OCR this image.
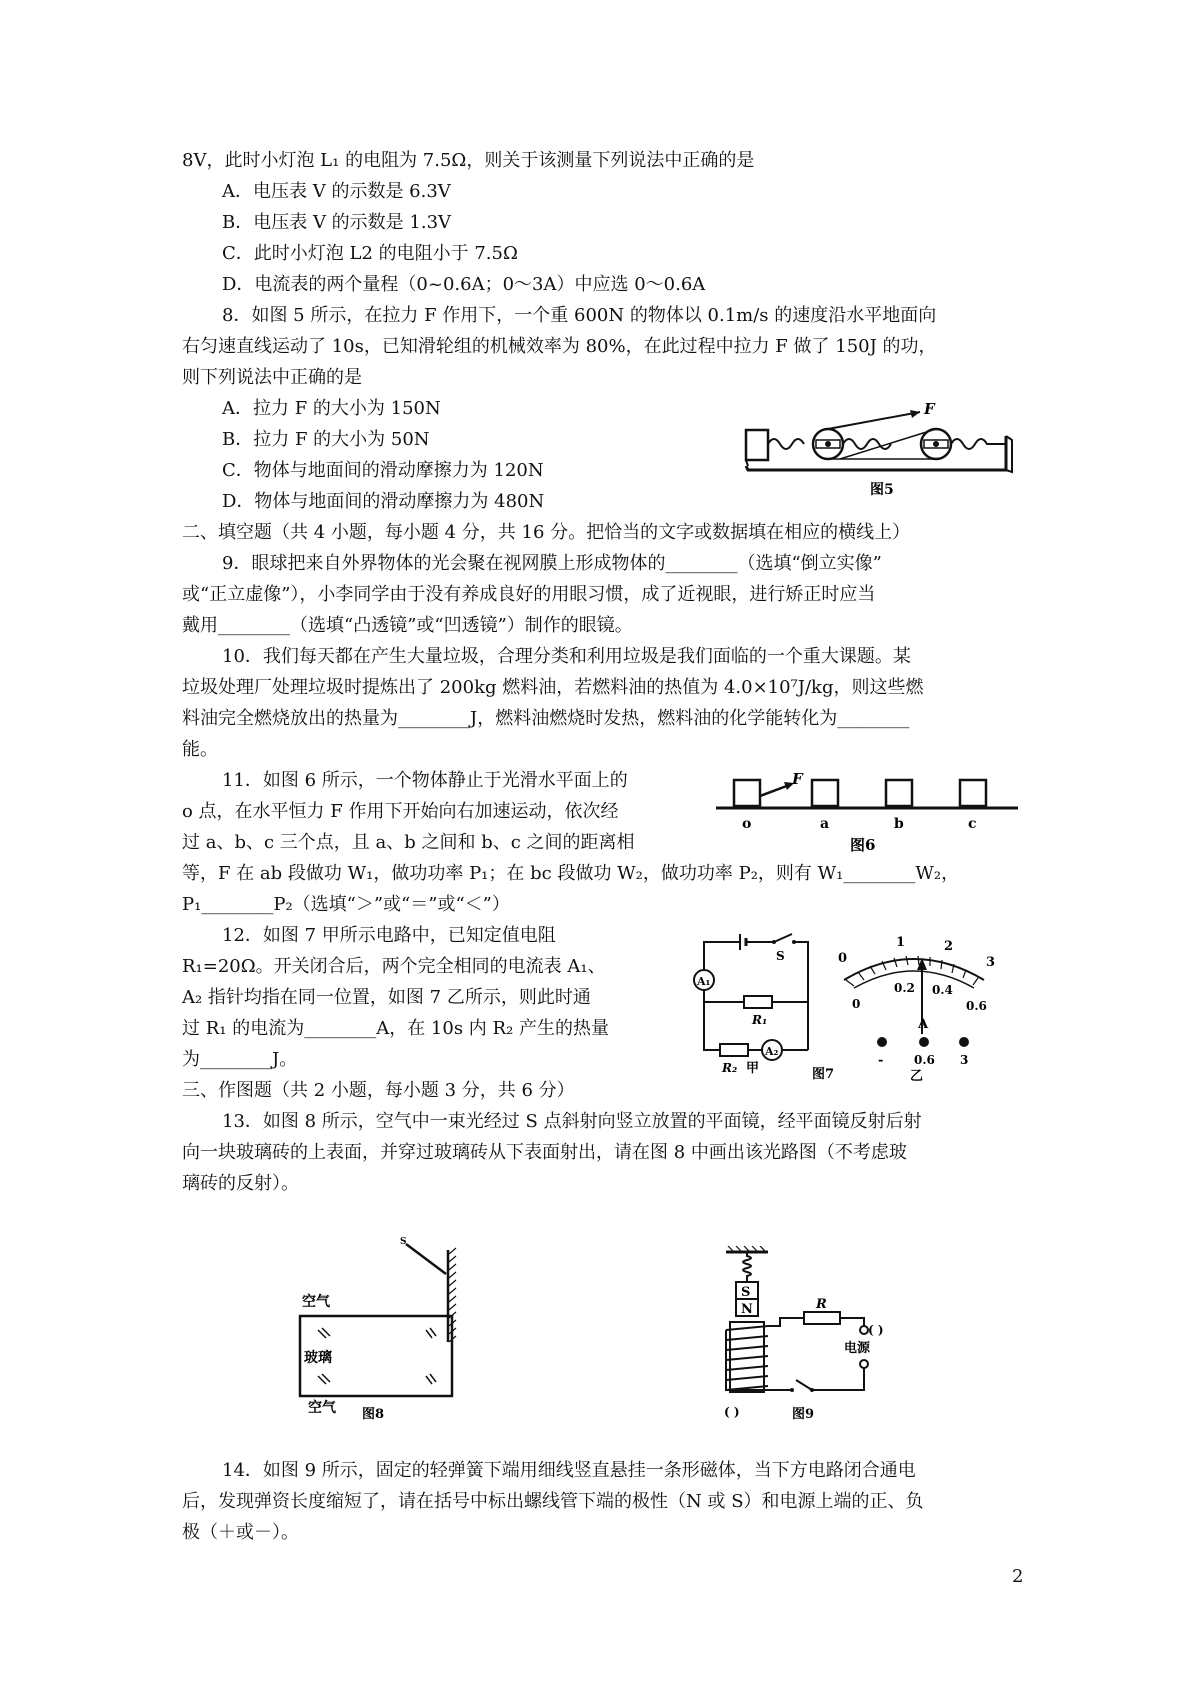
8V，此时小灯泡 L₁ 的电阻为 7.5Ω，则关于该测量下列说法中正确的是
A．电压表 V 的示数是 6.3V
B．电压表 V 的示数是 1.3V
C．此时小灯泡 L2 的电阻小于 7.5Ω
D．电流表的两个量程（0~0.6A；0～3A）中应选 0～0.6A
8．如图 5 所示，在拉力 F 作用下，一个重 600N 的物体以 0.1m/s 的速度沿水平地面向
右匀速直线运动了 10s，已知滑轮组的机械效率为 80%，在此过程中拉力 F 做了 150J 的功，
则下列说法中正确的是
A．拉力 F 的大小为 150N
B．拉力 F 的大小为 50N
C．物体与地面间的滑动摩擦力为 120N
D．物体与地面间的滑动摩擦力为 480N
F
图5
二、填空题（共 4 小题，每小题 4 分，共 16 分。把恰当的文字或数据填在相应的横线上）
9．眼球把来自外界物体的光会聚在视网膜上形成物体的________（选填“倒立实像”
或“正立虚像”），小李同学由于没有养成良好的用眼习惯，成了近视眼，进行矫正时应当
戴用________（选填“凸透镜”或“凹透镜”）制作的眼镜。
10．我们每天都在产生大量垃圾，合理分类和利用垃圾是我们面临的一个重大课题。某
垃圾处理厂处理垃圾时提炼出了 200kg 燃料油，若燃料油的热值为 4.0×10⁷J/kg，则这些燃
料油完全燃烧放出的热量为________J，燃料油燃烧时发热，燃料油的化学能转化为________
能。
11．如图 6 所示，一个物体静止于光滑水平面上的
o 点，在水平恒力 F 作用下开始向右加速运动，依次经
过 a、b、c 三个点，且 a、b 之间和 b、c 之间的距离相
等，F 在 ab 段做功 W₁，做功功率 P₁；在 bc 段做功 W₂，做功功率 P₂，则有 W₁________W₂，
P₁________P₂（选填“＞”或“＝”或“＜”）
F
o	a	b	c
图6
12．如图 7 甲所示电路中，已知定值电阻
R₁=20Ω。开关闭合后，两个完全相同的电流表 A₁、
A₂ 指针均指在同一位置，如图 7 乙所示，则此时通
过 R₁ 的电流为________A，在 10s 内 R₂ 产生的热量
为________J。
S
A₁
R₁
A₂
R₂ 甲	图7
0
1	2
3
0
0.2 0.4
0.6
A
-	0.6 3
乙
三、作图题（共 2 小题，每小题 3 分，共 6 分）
13．如图 8 所示，空气中一束光经过 S 点斜射向竖立放置的平面镜，经平面镜反射后射
向一块玻璃砖的上表面，并穿过玻璃砖从下表面射出，请在图 8 中画出该光路图（不考虑玻
璃砖的反射）。
S
空气
玻璃
空气 图8
S
N	R
( )
电源
( )	图9
14．如图 9 所示，固定的轻弹簧下端用细线竖直悬挂一条形磁体，当下方电路闭合通电
后，发现弹资长度缩短了，请在括号中标出螺线管下端的极性（N 或 S）和电源上端的正、负
极（＋或－）。
2
